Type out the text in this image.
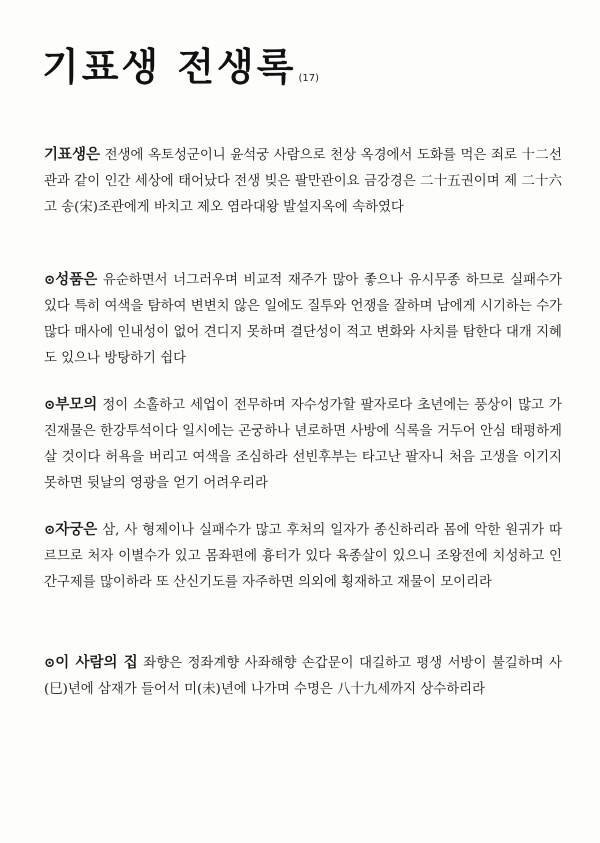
기표생 전생록 (17)

기표생은 전생에 옥토성군이니 윤석궁 사람으로 천상 옥경에서 도화를 먹은 죄로 十二선관과 같이 인간 세상에 태어났다 전생 빚은 팔만관이요 금강경은 二十五권이며 제 二十六고 송(宋)조관에게 바치고 제오 염라대왕 발설지옥에 속하였다

⊙성품은 유순하면서 너그러우며 비교적 재주가 많아 좋으나 유시무종 하므로 실패수가 있다 특히 여색을 탐하여 변변치 않은 일에도 질투와 언쟁을 잘하며 남에게 시기하는 수가 많다 매사에 인내성이 없어 견디지 못하며 결단성이 적고 변화와 사치를 탐한다 대개 지혜도 있으나 방탕하기 쉽다

⊙부모의 정이 소홀하고 세업이 전무하며 자수성가할 팔자로다 초년에는 풍상이 많고 가진재물은 한강투석이다 일시에는 곤궁하나 년로하면 사방에 식록을 거두어 안심 태평하게 살 것이다 허욕을 버리고 여색을 조심하라 선빈후부는 타고난 팔자니 처음 고생을 이기지 못하면 뒷날의 영광을 얻기 어려우리라

⊙자궁은 삼, 사 형제이나 실패수가 많고 후처의 일자가 종신하리라 몸에 악한 원귀가 따르므로 처자 이별수가 있고 몸좌편에 흉터가 있다 육종살이 있으니 조왕전에 치성하고 인간구제를 많이하라 또 산신기도를 자주하면 의외에 횡재하고 재물이 모이리라

⊙이 사람의 집 좌향은 정좌계향 사좌해향 손갑문이 대길하고 평생 서방이 불길하며 사(巳)년에 삼재가 들어서 미(未)년에 나가며 수명은 八十九세까지 상수하리라
